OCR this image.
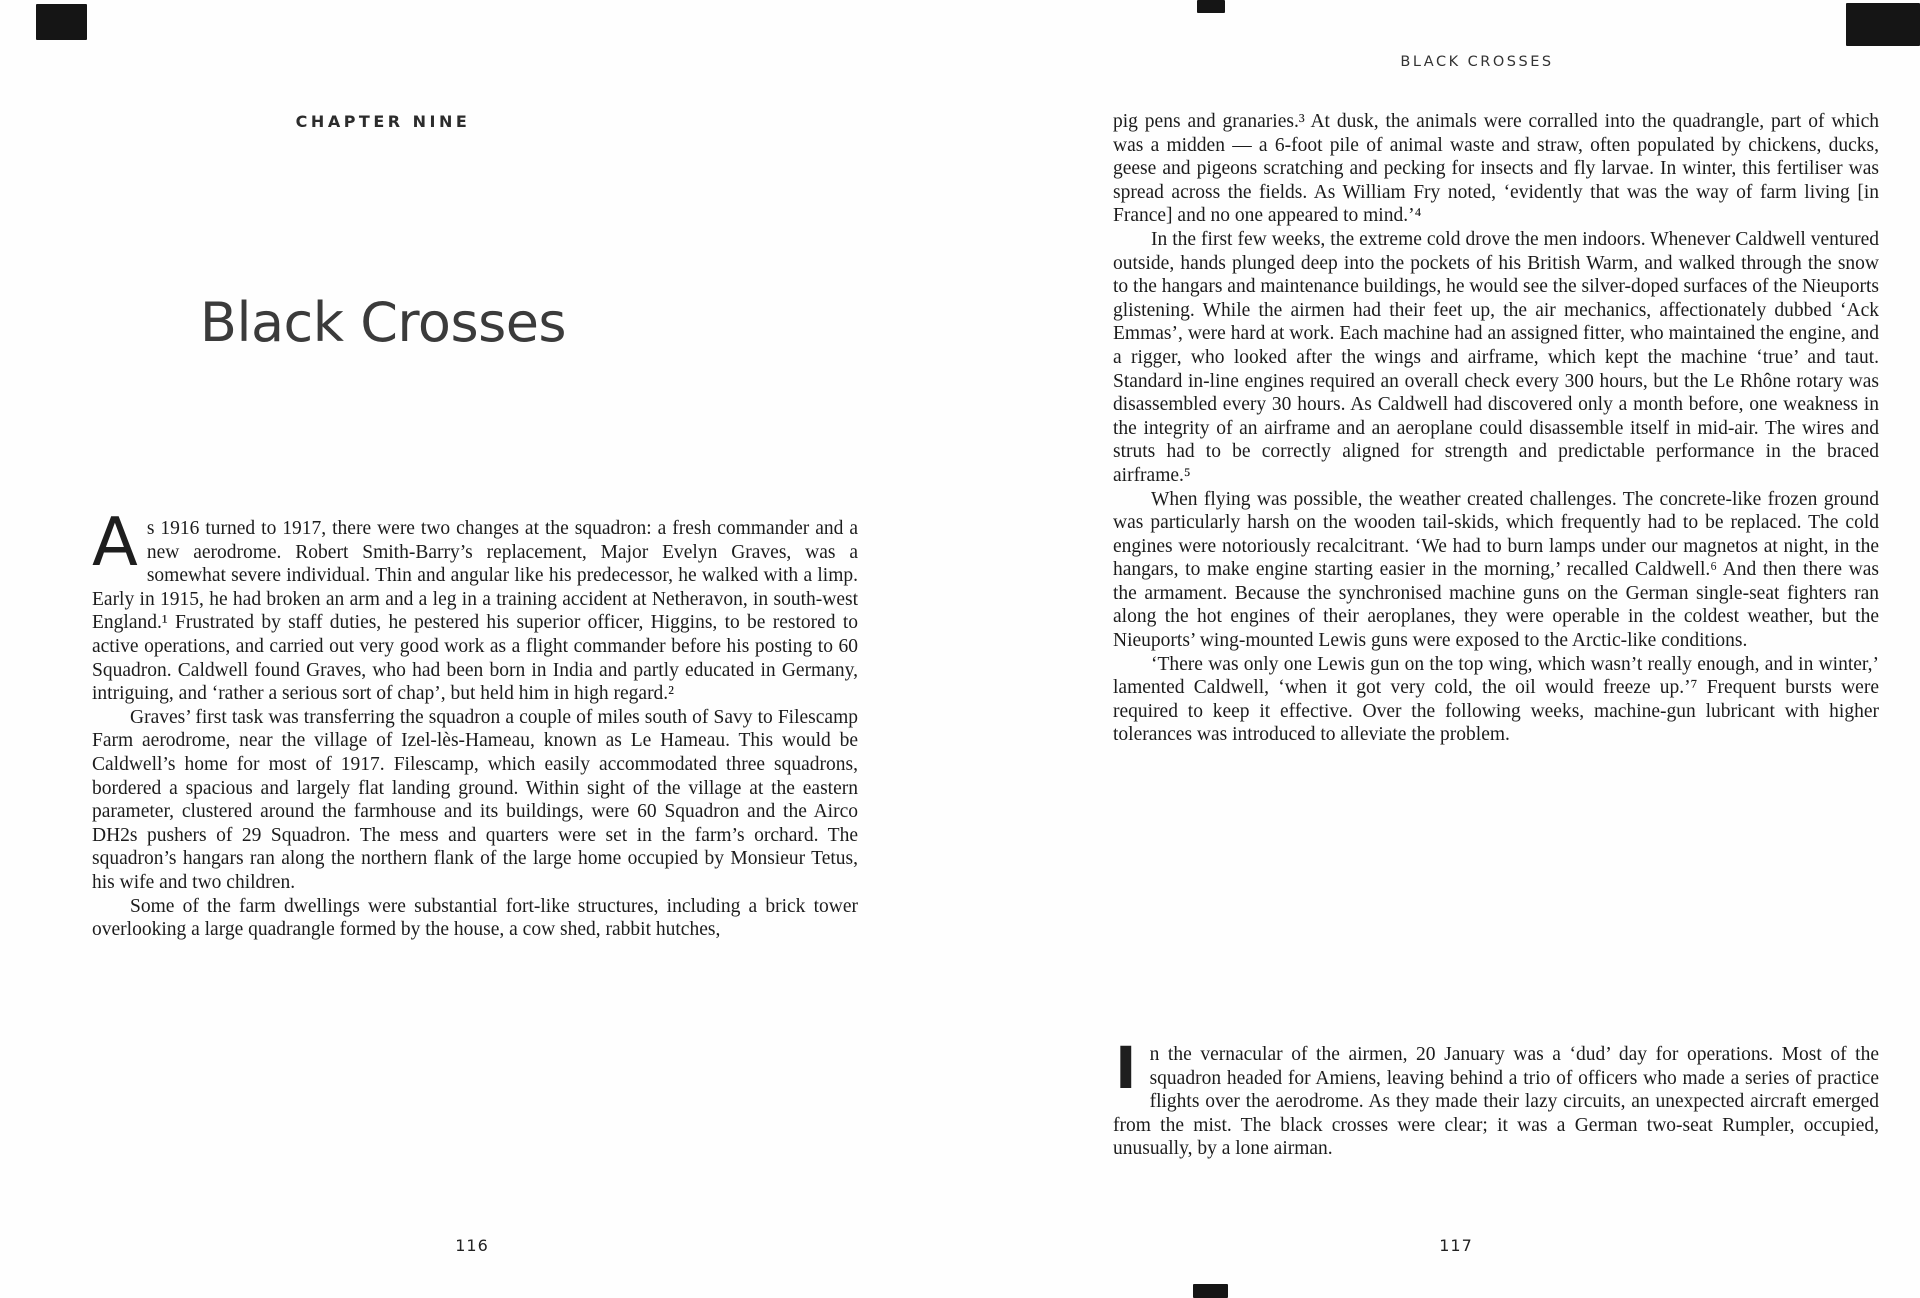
CHAPTER NINE
Black Crosses

As 1916 turned to 1917, there were two changes at the squadron: a fresh commander and a new aerodrome. Robert Smith-Barry’s replacement, Major Evelyn Graves, was a somewhat severe individual. Thin and angular like his predecessor, he walked with a limp. Early in 1915, he had broken an arm and a leg in a training accident at Netheravon, in south-west England.¹ Frustrated by staff duties, he pestered his superior officer, Higgins, to be restored to active operations, and carried out very good work as a flight commander before his posting to 60 Squadron. Caldwell found Graves, who had been born in India and partly educated in Germany, intriguing, and ‘rather a serious sort of chap’, but held him in high regard.²

Graves’ first task was transferring the squadron a couple of miles south of Savy to Filescamp Farm aerodrome, near the village of Izel-lès-Hameau, known as Le Hameau. This would be Caldwell’s home for most of 1917. Filescamp, which easily accommodated three squadrons, bordered a spacious and largely flat landing ground. Within sight of the village at the eastern parameter, clustered around the farmhouse and its buildings, were 60 Squadron and the Airco DH2s pushers of 29 Squadron. The mess and quarters were set in the farm’s orchard. The squadron’s hangars ran along the northern flank of the large home occupied by Monsieur Tetus, his wife and two children.

Some of the farm dwellings were substantial fort-like structures, including a brick tower overlooking a large quadrangle formed by the house, a cow shed, rabbit hutches,

116
BLACK CROSSES

pig pens and granaries.³ At dusk, the animals were corralled into the quadrangle, part of which was a midden — a 6-foot pile of animal waste and straw, often populated by chickens, ducks, geese and pigeons scratching and pecking for insects and fly larvae. In winter, this fertiliser was spread across the fields. As William Fry noted, ‘evidently that was the way of farm living [in France] and no one appeared to mind.’⁴

In the first few weeks, the extreme cold drove the men indoors. Whenever Caldwell ventured outside, hands plunged deep into the pockets of his British Warm, and walked through the snow to the hangars and maintenance buildings, he would see the silver-doped surfaces of the Nieuports glistening. While the airmen had their feet up, the air mechanics, affectionately dubbed ‘Ack Emmas’, were hard at work. Each machine had an assigned fitter, who maintained the engine, and a rigger, who looked after the wings and airframe, which kept the machine ‘true’ and taut. Standard in-line engines required an overall check every 300 hours, but the Le Rhône rotary was disassembled every 30 hours. As Caldwell had discovered only a month before, one weakness in the integrity of an airframe and an aeroplane could disassemble itself in mid-air. The wires and struts had to be correctly aligned for strength and predictable performance in the braced airframe.⁵

When flying was possible, the weather created challenges. The concrete-like frozen ground was particularly harsh on the wooden tail-skids, which frequently had to be replaced. The cold engines were notoriously recalcitrant. ‘We had to burn lamps under our magnetos at night, in the hangars, to make engine starting easier in the morning,’ recalled Caldwell.⁶ And then there was the armament. Because the synchronised machine guns on the German single-seat fighters ran along the hot engines of their aeroplanes, they were operable in the coldest weather, but the Nieuports’ wing-mounted Lewis guns were exposed to the Arctic-like conditions.

‘There was only one Lewis gun on the top wing, which wasn’t really enough, and in winter,’ lamented Caldwell, ‘when it got very cold, the oil would freeze up.’⁷ Frequent bursts were required to keep it effective. Over the following weeks, machine-gun lubricant with higher tolerances was introduced to alleviate the problem.

In the vernacular of the airmen, 20 January was a ‘dud’ day for operations. Most of the squadron headed for Amiens, leaving behind a trio of officers who made a series of practice flights over the aerodrome. As they made their lazy circuits, an unexpected aircraft emerged from the mist. The black crosses were clear; it was a German two-seat Rumpler, occupied, unusually, by a lone airman.

117
